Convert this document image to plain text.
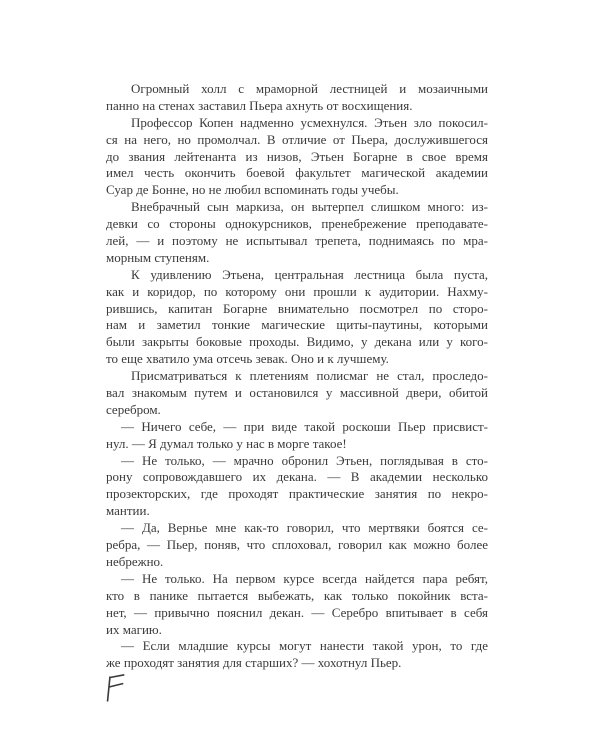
Огромный холл с мраморной лестницей и мозаичными
панно на стенах заставил Пьера ахнуть от восхищения.
Профессор Копен надменно усмехнулся. Этьен зло покосил-
ся на него, но промолчал. В отличие от Пьера, дослужившегося
до звания лейтенанта из низов, Этьен Богарне в свое время
имел честь окончить боевой факультет магической академии
Суар де Бонне, но не любил вспоминать годы учебы.
Внебрачный сын маркиза, он вытерпел слишком много: из-
девки со стороны однокурсников, пренебрежение преподавате-
лей, — и поэтому не испытывал трепета, поднимаясь по мра-
морным ступеням.
К удивлению Этьена, центральная лестница была пуста,
как и коридор, по которому они прошли к аудитории. Нахму-
рившись, капитан Богарне внимательно посмотрел по сторо-
нам и заметил тонкие магические щиты-паутины, которыми
были закрыты боковые проходы. Видимо, у декана или у кого-
то еще хватило ума отсечь зевак. Оно и к лучшему.
Присматриваться к плетениям полисмаг не стал, проследо-
вал знакомым путем и остановился у массивной двери, обитой
серебром.
— Ничего себе, — при виде такой роскоши Пьер присвист-
нул. — Я думал только у нас в морге такое!
— Не только, — мрачно обронил Этьен, поглядывая в сто-
рону сопровождавшего их декана. — В академии несколько
прозекторских, где проходят практические занятия по некро-
мантии.
— Да, Вернье мне как-то говорил, что мертвяки боятся се-
ребра, — Пьер, поняв, что сплоховал, говорил как можно более
небрежно.
— Не только. На первом курсе всегда найдется пара ребят,
кто в панике пытается выбежать, как только покойник вста-
нет, — привычно пояснил декан. — Серебро впитывает в себя
их магию.
— Если младшие курсы могут нанести такой урон, то где
же проходят занятия для старших? — хохотнул Пьер.
